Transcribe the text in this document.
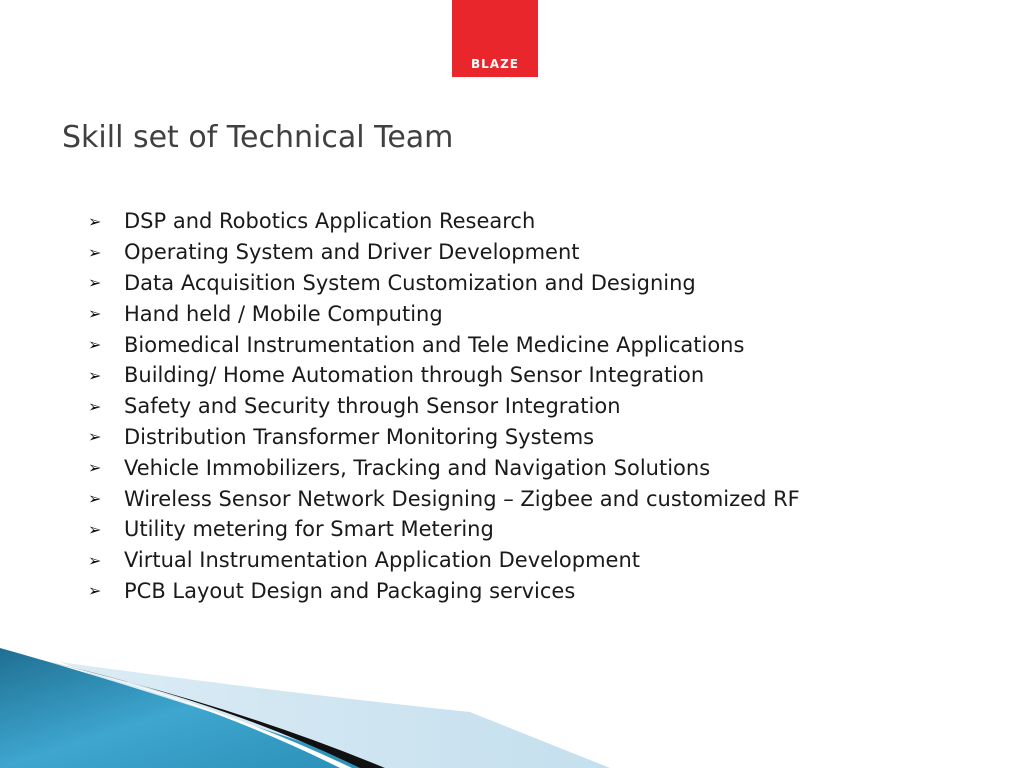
BLAZE
Skill set of Technical Team
➢	DSP and Robotics Application Research
➢	Operating System and Driver Development
➢	Data Acquisition System Customization and Designing
➢	Hand held / Mobile Computing
➢	Biomedical Instrumentation and Tele Medicine Applications
➢	Building/ Home Automation through Sensor Integration
➢	Safety and Security through Sensor Integration
➢	Distribution Transformer Monitoring Systems
➢	Vehicle Immobilizers, Tracking and Navigation Solutions
➢	Wireless Sensor Network Designing – Zigbee and customized RF
➢	Utility metering for Smart Metering
➢	Virtual Instrumentation Application Development
➢	PCB Layout Design and Packaging services
